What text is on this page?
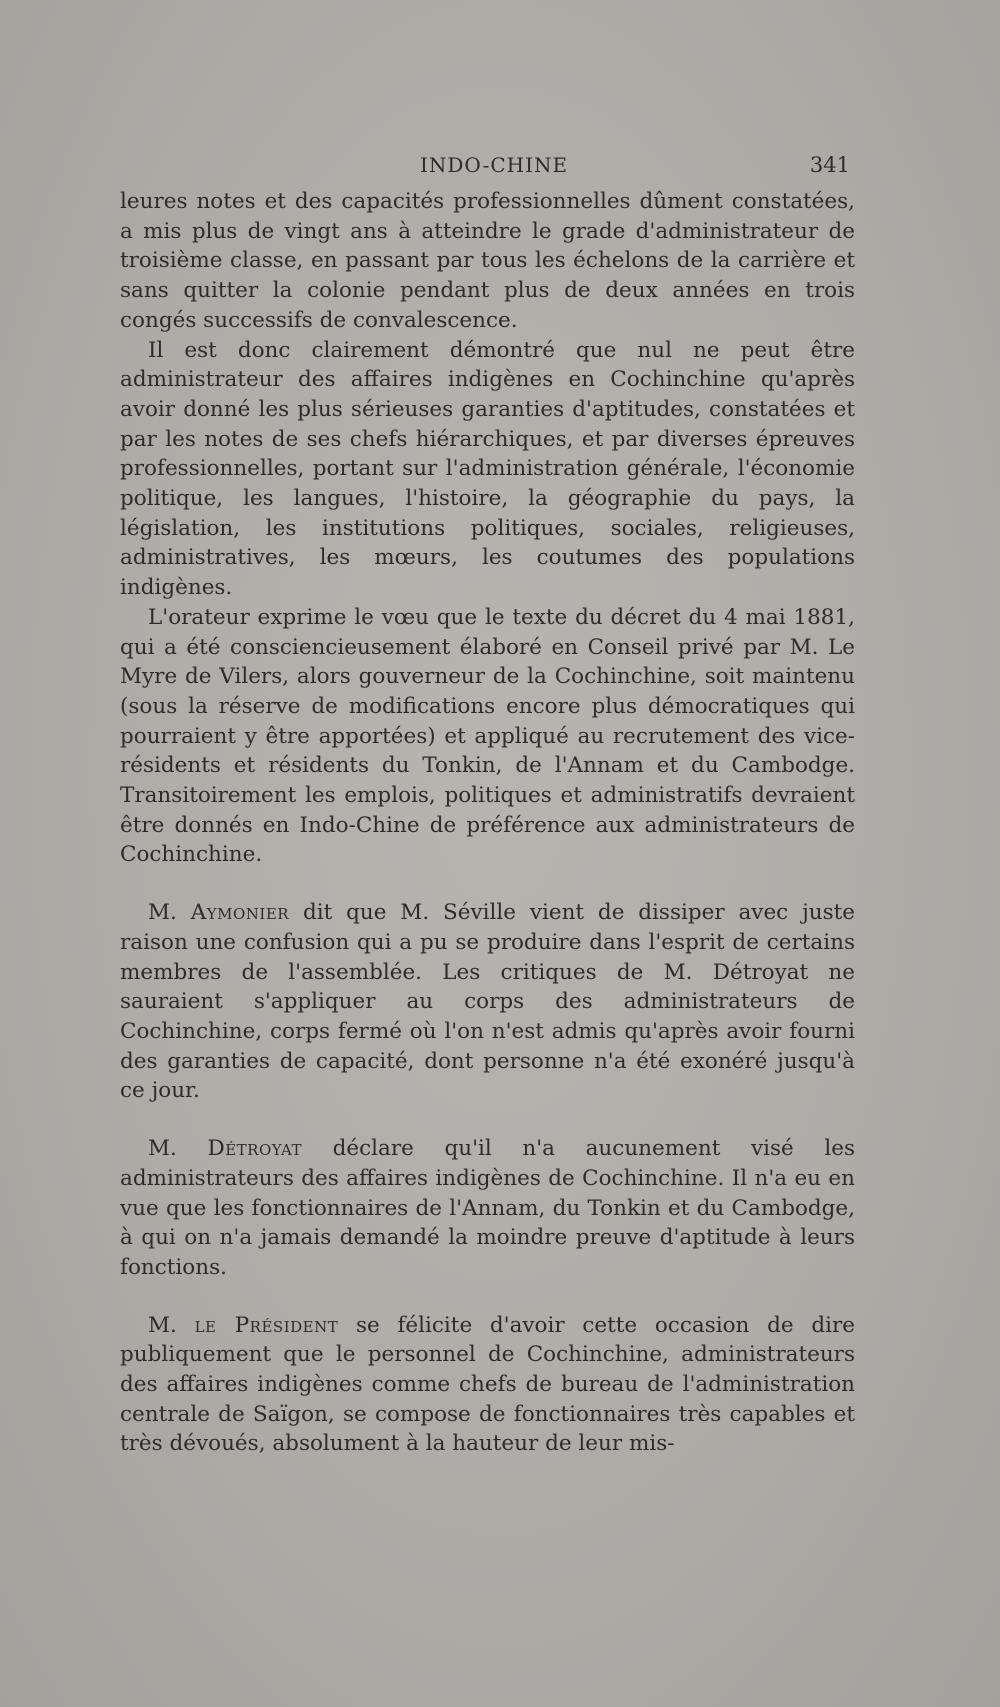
INDO-CHINE	341

leures notes et des capacités professionnelles dûment constatées, a mis plus de vingt ans à atteindre le grade d'administrateur de troisième classe, en passant par tous les échelons de la carrière et sans quitter la colonie pendant plus de deux années en trois congés successifs de convalescence.

Il est donc clairement démontré que nul ne peut être administrateur des affaires indigènes en Cochinchine qu'après avoir donné les plus sérieuses garanties d'aptitudes, constatées et par les notes de ses chefs hiérarchiques, et par diverses épreuves professionnelles, portant sur l'administration générale, l'économie politique, les langues, l'histoire, la géographie du pays, la législation, les institutions politiques, sociales, religieuses, administratives, les mœurs, les coutumes des populations indigènes.

L'orateur exprime le vœu que le texte du décret du 4 mai 1881, qui a été consciencieusement élaboré en Conseil privé par M. Le Myre de Vilers, alors gouverneur de la Cochinchine, soit maintenu (sous la réserve de modifications encore plus démocratiques qui pourraient y être apportées) et appliqué au recrutement des vice-résidents et résidents du Tonkin, de l'Annam et du Cambodge. Transitoirement les emplois, politiques et administratifs devraient être donnés en Indo-Chine de préférence aux administrateurs de Cochinchine.

M. Aymonier dit que M. Séville vient de dissiper avec juste raison une confusion qui a pu se produire dans l'esprit de certains membres de l'assemblée. Les critiques de M. Détroyat ne sauraient s'appliquer au corps des administrateurs de Cochinchine, corps fermé où l'on n'est admis qu'après avoir fourni des garanties de capacité, dont personne n'a été exonéré jusqu'à ce jour.

M. Détroyat déclare qu'il n'a aucunement visé les administrateurs des affaires indigènes de Cochinchine. Il n'a eu en vue que les fonctionnaires de l'Annam, du Tonkin et du Cambodge, à qui on n'a jamais demandé la moindre preuve d'aptitude à leurs fonctions.

M. le Président se félicite d'avoir cette occasion de dire publiquement que le personnel de Cochinchine, administrateurs des affaires indigènes comme chefs de bureau de l'administration centrale de Saïgon, se compose de fonctionnaires très capables et très dévoués, absolument à la hauteur de leur mis-
